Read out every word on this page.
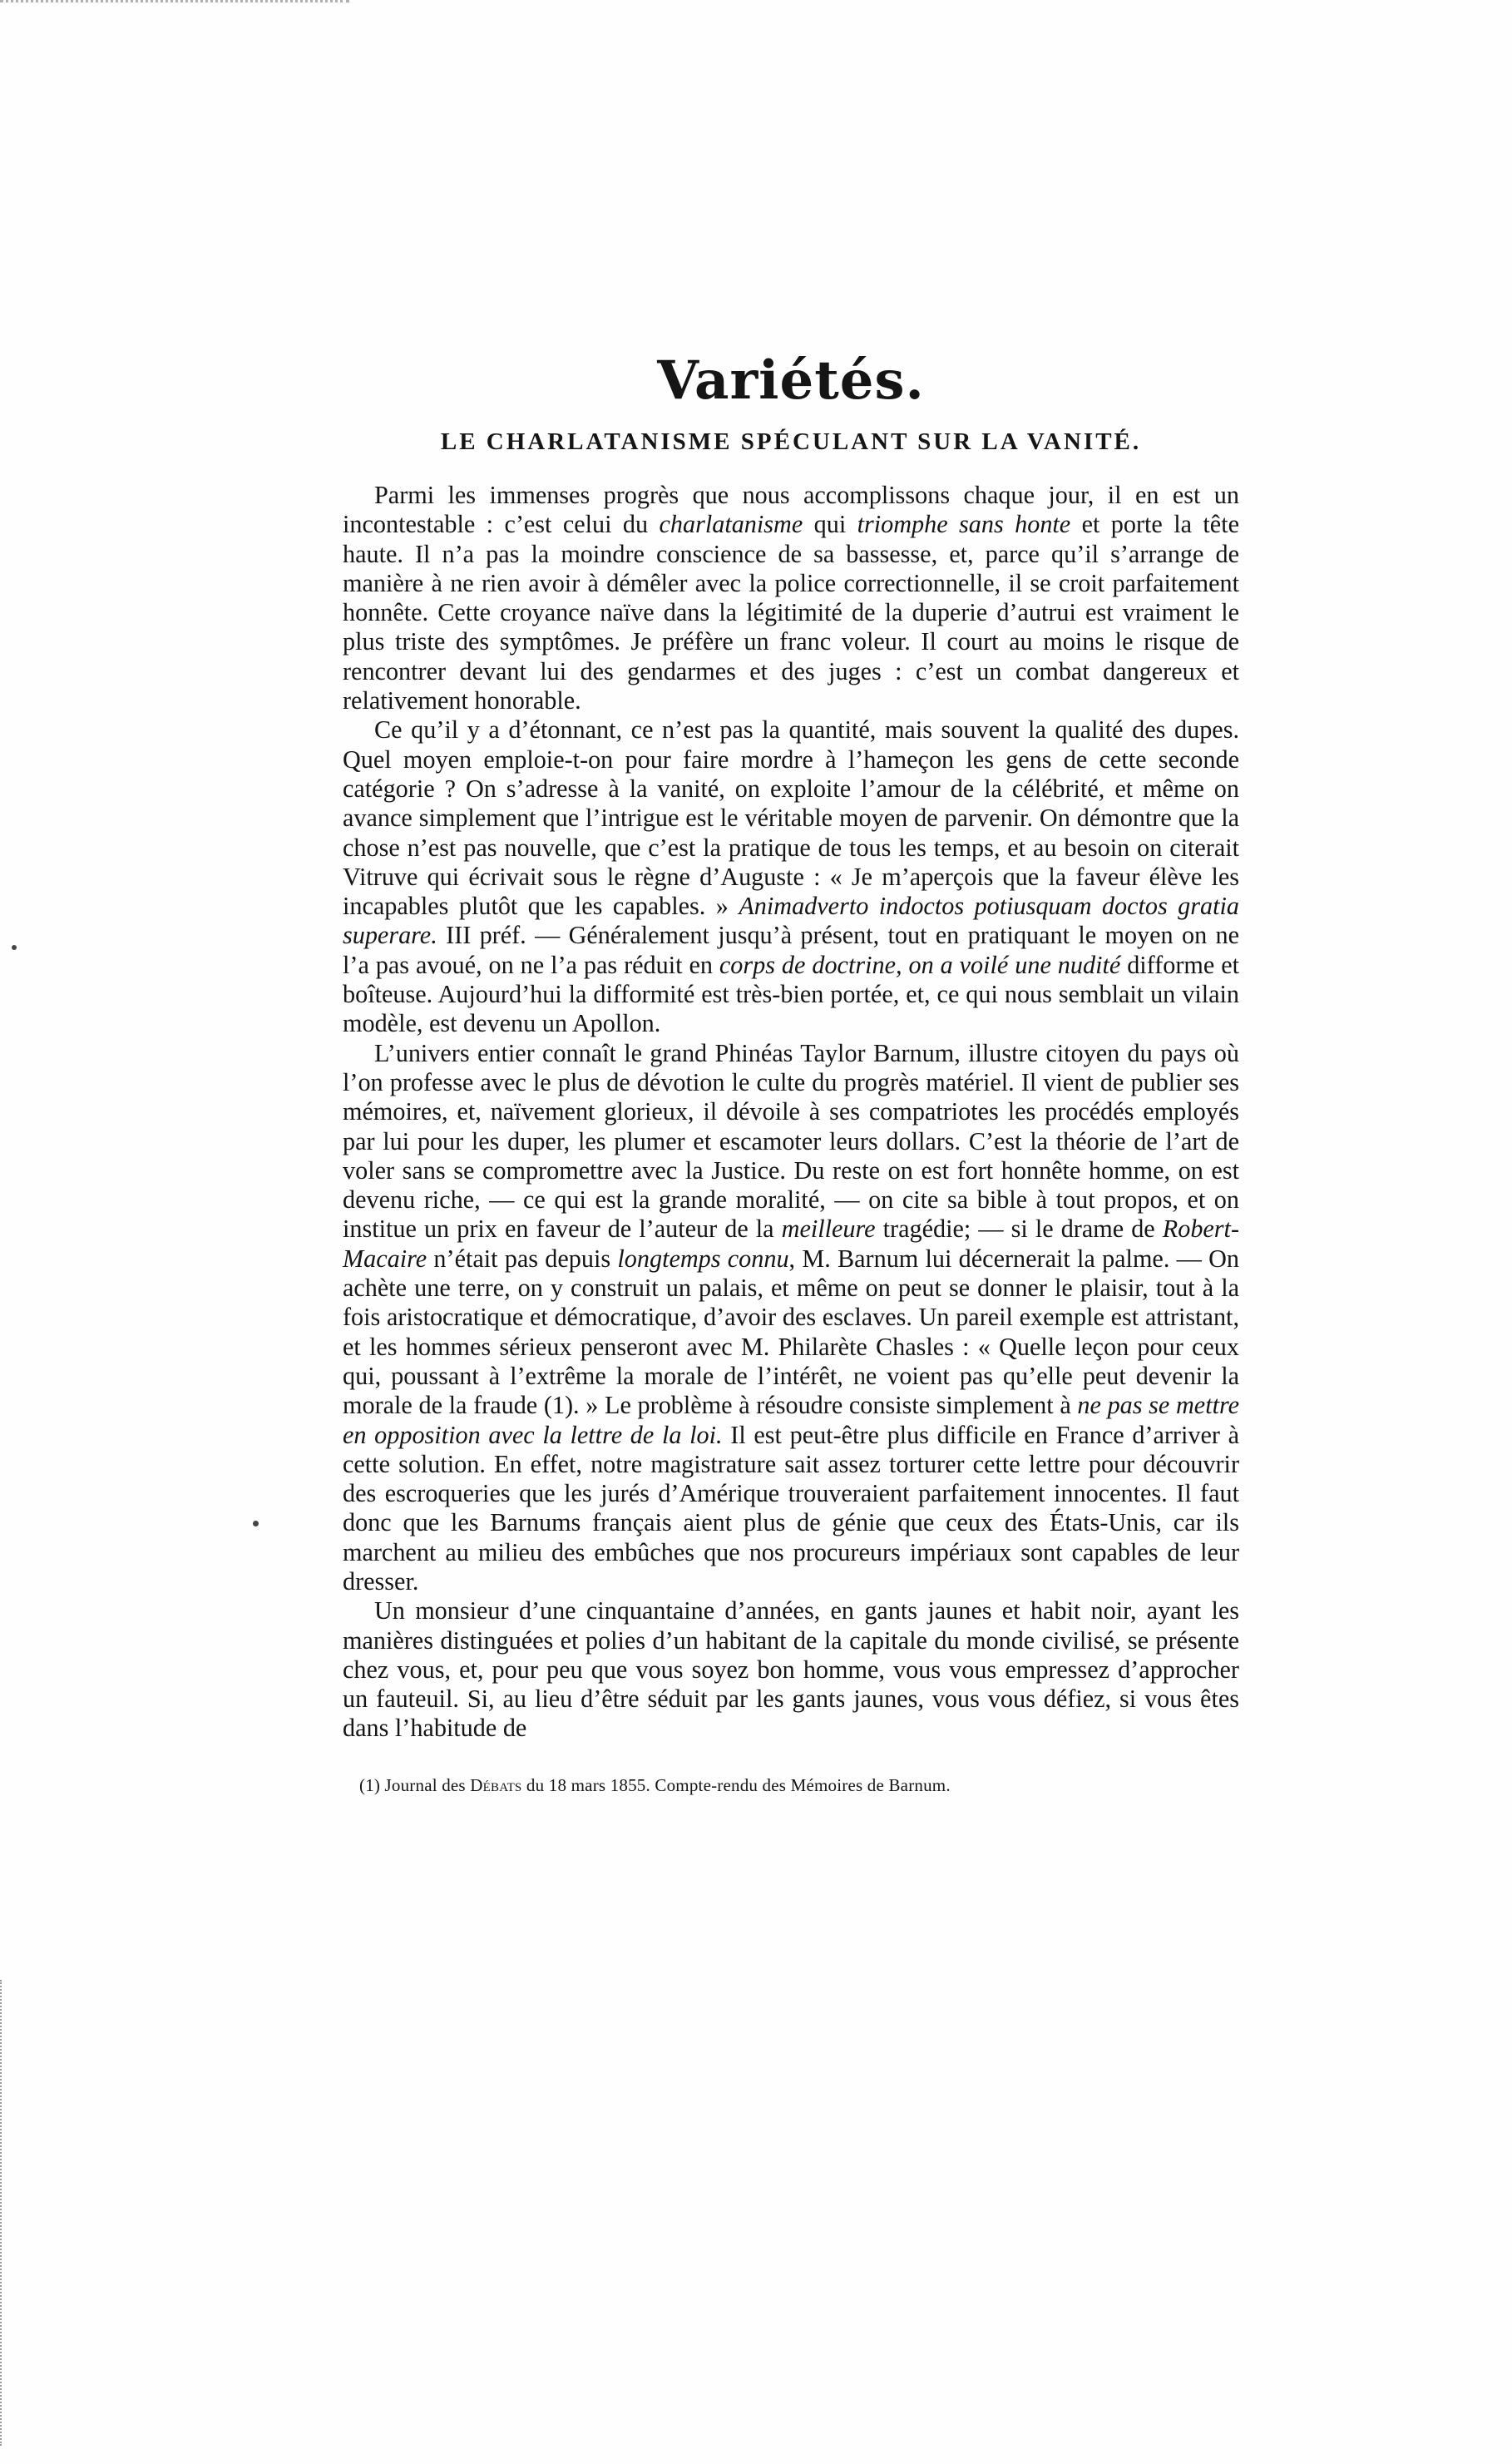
Variétés.
LE CHARLATANISME SPÉCULANT SUR LA VANITÉ.

Parmi les immenses progrès que nous accomplissons chaque jour, il en est un incontestable : c’est celui du charlatanisme qui triomphe sans honte et porte la tête haute. Il n’a pas la moindre conscience de sa bassesse, et, parce qu’il s’arrange de manière à ne rien avoir à démêler avec la police correctionnelle, il se croit parfaitement honnête. Cette croyance naïve dans la légitimité de la duperie d’autrui est vraiment le plus triste des symptômes. Je préfère un franc voleur. Il court au moins le risque de rencontrer devant lui des gendarmes et des juges : c’est un combat dangereux et relativement honorable.

Ce qu’il y a d’étonnant, ce n’est pas la quantité, mais souvent la qualité des dupes. Quel moyen emploie-t-on pour faire mordre à l’hameçon les gens de cette seconde catégorie ? On s’adresse à la vanité, on exploite l’amour de la célébrité, et même on avance simplement que l’intrigue est le véritable moyen de parvenir. On démontre que la chose n’est pas nouvelle, que c’est la pratique de tous les temps, et au besoin on citerait Vitruve qui écrivait sous le règne d’Auguste : « Je m’aperçois que la faveur élève les incapables plutôt que les capables. » Animadverto indoctos potiusquam doctos gratia superare. III préf. — Généralement jusqu’à présent, tout en pratiquant le moyen on ne l’a pas avoué, on ne l’a pas réduit en corps de doctrine, on a voilé une nudité difforme et boîteuse. Aujourd’hui la difformité est très-bien portée, et, ce qui nous semblait un vilain modèle, est devenu un Apollon.

L’univers entier connaît le grand Phinéas Taylor Barnum, illustre citoyen du pays où l’on professe avec le plus de dévotion le culte du progrès matériel. Il vient de publier ses mémoires, et, naïvement glorieux, il dévoile à ses compatriotes les procédés employés par lui pour les duper, les plumer et escamoter leurs dollars. C’est la théorie de l’art de voler sans se compromettre avec la Justice. Du reste on est fort honnête homme, on est devenu riche, — ce qui est la grande moralité, — on cite sa bible à tout propos, et on institue un prix en faveur de l’auteur de la meilleure tragédie; — si le drame de Robert-Macaire n’était pas depuis longtemps connu, M. Barnum lui décernerait la palme. — On achète une terre, on y construit un palais, et même on peut se donner le plaisir, tout à la fois aristocratique et démocratique, d’avoir des esclaves. Un pareil exemple est attristant, et les hommes sérieux penseront avec M. Philarète Chasles : « Quelle leçon pour ceux qui, poussant à l’extrême la morale de l’intérêt, ne voient pas qu’elle peut devenir la morale de la fraude (1). » Le problème à résoudre consiste simplement à ne pas se mettre en opposition avec la lettre de la loi. Il est peut-être plus difficile en France d’arriver à cette solution. En effet, notre magistrature sait assez torturer cette lettre pour découvrir des escroqueries que les jurés d’Amérique trouveraient parfaitement innocentes. Il faut donc que les Barnums français aient plus de génie que ceux des États-Unis, car ils marchent au milieu des embûches que nos procureurs impériaux sont capables de leur dresser.

Un monsieur d’une cinquantaine d’années, en gants jaunes et habit noir, ayant les manières distinguées et polies d’un habitant de la capitale du monde civilisé, se présente chez vous, et, pour peu que vous soyez bon homme, vous vous empressez d’approcher un fauteuil. Si, au lieu d’être séduit par les gants jaunes, vous vous défiez, si vous êtes dans l’habitude de

(1) Journal des Débats du 18 mars 1855. Compte-rendu des Mémoires de Barnum.
